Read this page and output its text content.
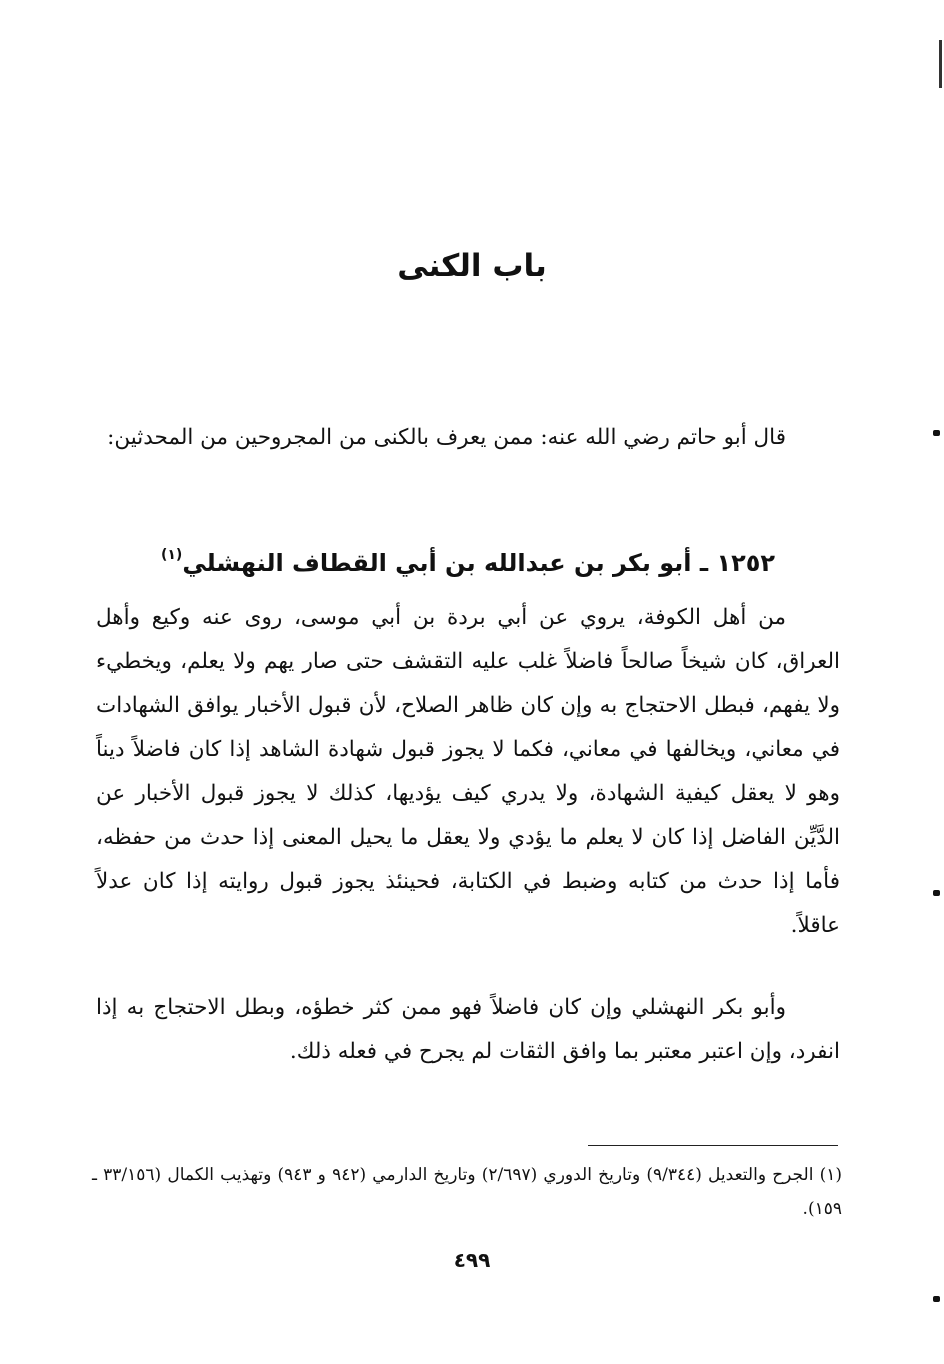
باب الكنى
قال أبو حاتم رضي الله عنه: ممن يعرف بالكنى من المجروحين من المحدثين:
١٢٥٢ ـ أبو بكر بن عبدالله بن أبي القطاف النهشلي$^{(١)}$
من أهل الكوفة، يروي عن أبي بردة بن أبي موسى، روى عنه وكيع وأهل العراق، كان شيخاً صالحاً فاضلاً غلب عليه التقشف حتى صار يهم ولا يعلم، ويخطيء ولا يفهم، فبطل الاحتجاج به وإن كان ظاهر الصلاح، لأن قبول الأخبار يوافق الشهادات في معاني، ويخالفها في معاني، فكما لا يجوز قبول شهادة الشاهد إذا كان فاضلاً ديناً وهو لا يعقل كيفية الشهادة، ولا يدري كيف يؤديها، كذلك لا يجوز قبول الأخبار عن الدَّيِّن الفاضل إذا كان لا يعلم ما يؤدي ولا يعقل ما يحيل المعنى إذا حدث من حفظه، فأما إذا حدث من كتابه وضبط في الكتابة، فحينئذ يجوز قبول روايته إذا كان عدلاً عاقلاً.
وأبو بكر النهشلي وإن كان فاضلاً فهو ممن كثر خطؤه، وبطل الاحتجاج به إذا انفرد، وإن اعتبر معتبر بما وافق الثقات لم يجرح في فعله ذلك.
(١) الجرح والتعديل (٩/٣٤٤) وتاريخ الدوري (٢/٦٩٧) وتاريخ الدارمي (٩٤٢ و ٩٤٣) وتهذيب الكمال (٣٣/١٥٦ ـ ١٥٩).
٤٩٩
